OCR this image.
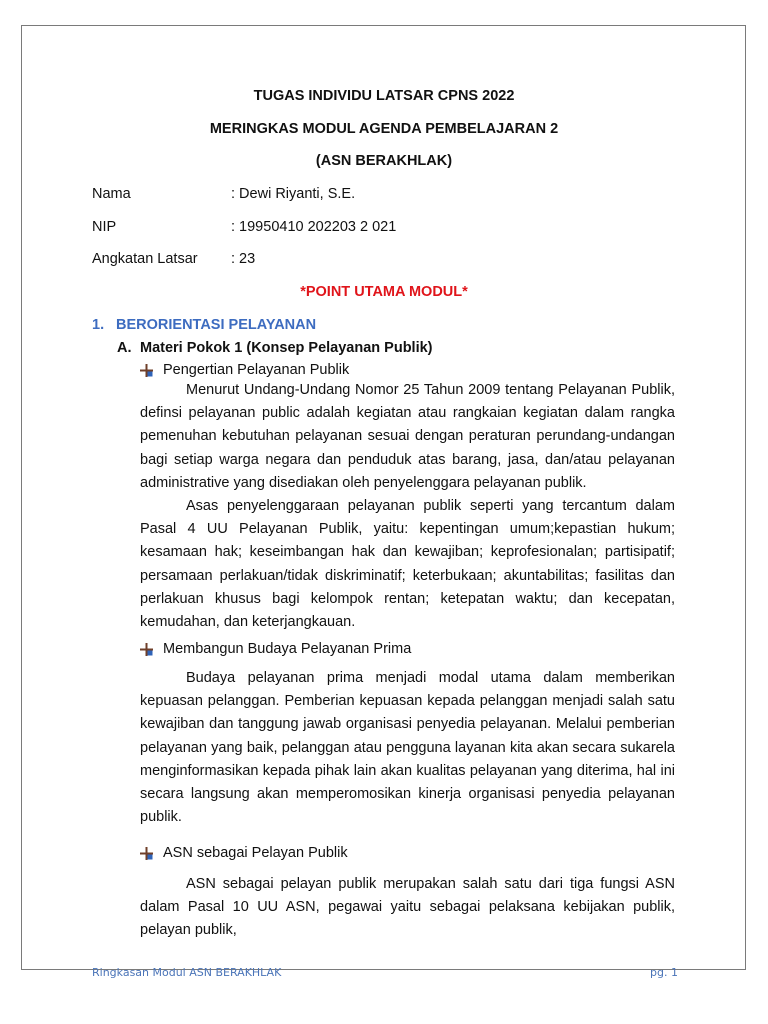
TUGAS INDIVIDU LATSAR CPNS 2022
MERINGKAS MODUL AGENDA PEMBELAJARAN 2
(ASN BERAKHLAK)
Nama	: Dewi Riyanti, S.E.
NIP	: 19950410 202203 2 021
Angkatan Latsar : 23
*POINT UTAMA MODUL*
1. BERORIENTASI PELAYANAN
A. Materi Pokok 1 (Konsep Pelayanan Publik)
Pengertian Pelayanan Publik

Menurut Undang-Undang Nomor 25 Tahun 2009 tentang Pelayanan Publik, definsi pelayanan public adalah kegiatan atau rangkaian kegiatan dalam rangka pemenuhan kebutuhan pelayanan sesuai dengan peraturan perundang-undangan bagi setiap warga negara dan penduduk atas barang, jasa, dan/atau pelayanan administrative yang disediakan oleh penyelenggara pelayanan publik.

Asas penyelenggaraan pelayanan publik seperti yang tercantum dalam Pasal 4 UU Pelayanan Publik, yaitu: kepentingan umum;kepastian hukum; kesamaan hak; keseimbangan hak dan kewajiban; keprofesionalan; partisipatif; persamaan perlakuan/tidak diskriminatif; keterbukaan; akuntabilitas; fasilitas dan perlakuan khusus bagi kelompok rentan; ketepatan waktu; dan kecepatan, kemudahan, dan keterjangkauan.

Membangun Budaya Pelayanan Prima

Budaya pelayanan prima menjadi modal utama dalam memberikan kepuasan pelanggan. Pemberian kepuasan kepada pelanggan menjadi salah satu kewajiban dan tanggung jawab organisasi penyedia pelayanan. Melalui pemberian pelayanan yang baik, pelanggan atau pengguna layanan kita akan secara sukarela menginformasikan kepada pihak lain akan kualitas pelayanan yang diterima, hal ini secara langsung akan memperomosikan kinerja organisasi penyedia pelayanan publik.

ASN sebagai Pelayan Publik

ASN sebagai pelayan publik merupakan salah satu dari tiga fungsi ASN dalam Pasal 10 UU ASN, pegawai yaitu sebagai pelaksana kebijakan publik, pelayan publik,

Ringkasan Modul ASN BERAKHLAK	pg. 1
